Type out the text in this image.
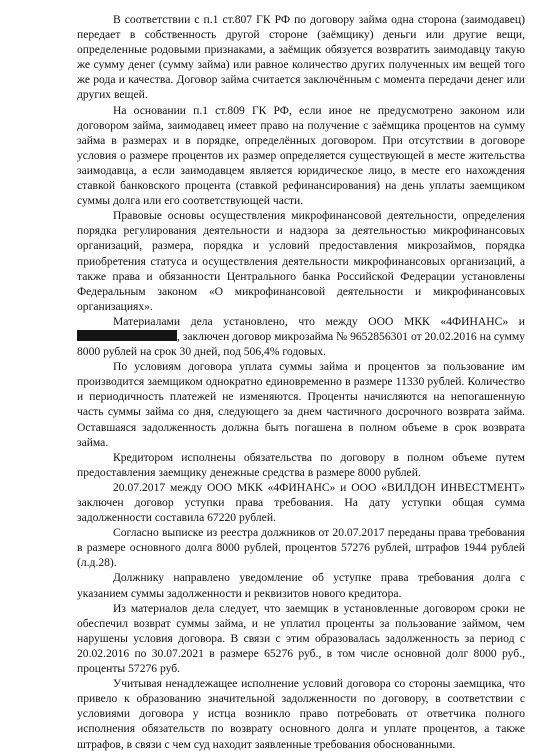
В соответствии с п.1 ст.807 ГК РФ по договору займа одна сторона (заимодавец) передает в собственность другой стороне (заёмщику) деньги или другие вещи, определенные родовыми признаками, а заёмщик обязуется возвратить заимодавцу такую же сумму денег (сумму займа) или равное количество других полученных им вещей того же рода и качества. Договор займа считается заключённым с момента передачи денег или других вещей.

На основании п.1 ст.809 ГК РФ, если иное не предусмотрено законом или договором займа, заимодавец имеет право на получение с заёмщика процентов на сумму займа в размерах и в порядке, определённых договором. При отсутствии в договоре условия о размере процентов их размер определяется существующей в месте жительства заимодавца, а если заимодавцем является юридическое лицо, в месте его нахождения ставкой банковского процента (ставкой рефинансирования) на день уплаты заемщиком суммы долга или его соответствующей части.

Правовые основы осуществления микрофинансовой деятельности, определения порядка регулирования деятельности и надзора за деятельностью микрофинансовых организаций, размера, порядка и условий предоставления микрозаймов, порядка приобретения статуса и осуществления деятельности микрофинансовых организаций, а также права и обязанности Центрального банка Российской Федерации установлены Федеральным законом «О микрофинансовой деятельности и микрофинансовых организациях».

Материалами дела установлено, что между ООО МКК «4ФИНАНС» и , заключен договор микрозайма № 9652856301 от 20.02.2016 на сумму 8000 рублей на срок 30 дней, под 506,4% годовых.

По условиям договора уплата суммы займа и процентов за пользование им производится заемщиком однократно единовременно в размере 11330 рублей. Количество и периодичность платежей не изменяются. Проценты начисляются на непогашенную часть суммы займа со дня, следующего за днем частичного досрочного возврата займа. Оставшаяся задолженность должна быть погашена в полном объеме в срок возврата займа.

Кредитором исполнены обязательства по договору в полном объеме путем предоставления заемщику денежные средства в размере 8000 рублей.

20.07.2017 между ООО МКК «4ФИНАНС» и ООО «ВИЛДОН ИНВЕСТМЕНТ» заключен договор уступки права требования. На дату уступки общая сумма задолженности составила 67220 рублей.

Согласно выписке из реестра должников от 20.07.2017 переданы права требования в размере основного долга 8000 рублей, процентов 57276 рублей, штрафов 1944 рублей (л.д.28).

Должнику направлено уведомление об уступке права требования долга с указанием суммы задолженности и реквизитов нового кредитора.

Из материалов дела следует, что заемщик в установленные договором сроки не обеспечил возврат суммы займа, и не уплатил проценты за пользование займом, чем нарушены условия договора. В связи с этим образовалась задолженность за период с 20.02.2016 по 30.07.2021 в размере 65276 руб., в том числе основной долг 8000 руб., проценты 57276 руб.

Учитывая ненадлежащее исполнение условий договора со стороны заемщика, что привело к образованию значительной задолженности по договору, в соответствии с условиями договора у истца возникло право потребовать от ответчика полного исполнения обязательств по возврату основного долга и уплате процентов, а также штрафов, в связи с чем суд находит заявленные требования обоснованными.
